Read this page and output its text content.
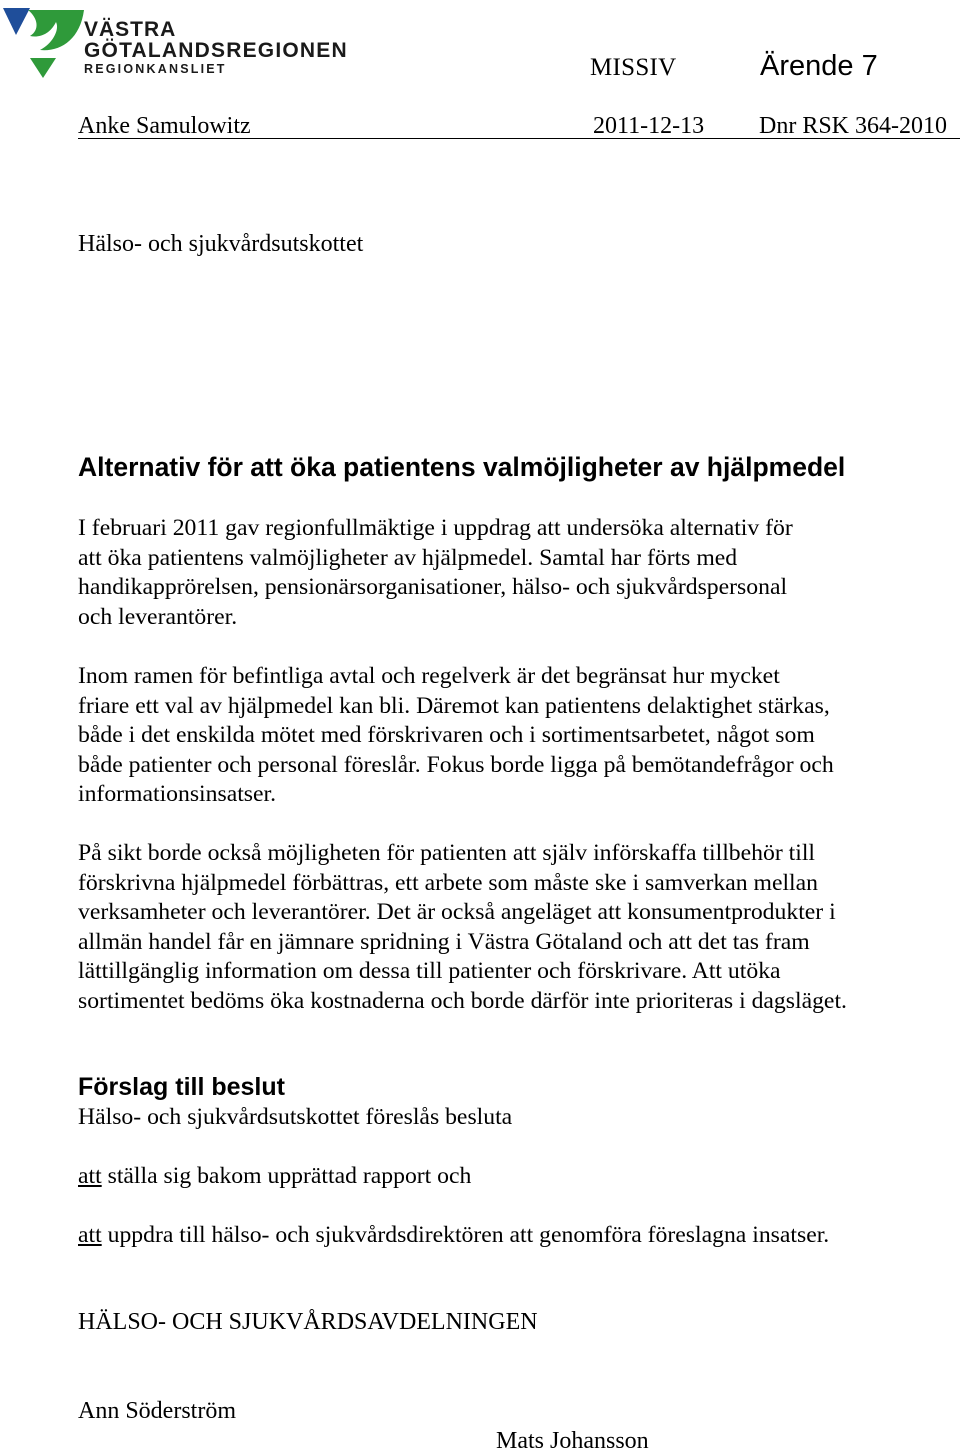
VÄSTRA
GÖTALANDSREGIONEN
REGIONKANSLIET	MISSIV	Ärende 7
Anke Samulowitz	2011-12-13 Dnr RSK 364-2010
Hälso- och sjukvårdsutskottet
Alternativ för att öka patientens valmöjligheter av hjälpmedel
I februari 2011 gav regionfullmäktige i uppdrag att undersöka alternativ för
att öka patientens valmöjligheter av hjälpmedel. Samtal har förts med
handikapprörelsen, pensionärsorganisationer, hälso- och sjukvårdspersonal
och leverantörer.
Inom ramen för befintliga avtal och regelverk är det begränsat hur mycket
friare ett val av hjälpmedel kan bli. Däremot kan patientens delaktighet stärkas,
både i det enskilda mötet med förskrivaren och i sortimentsarbetet, något som
både patienter och personal föreslår. Fokus borde ligga på bemötandefrågor och
informationsinsatser.
På sikt borde också möjligheten för patienten att själv införskaffa tillbehör till
förskrivna hjälpmedel förbättras, ett arbete som måste ske i samverkan mellan
verksamheter och leverantörer. Det är också angeläget att konsumentprodukter i
allmän handel får en jämnare spridning i Västra Götaland och att det tas fram
lättillgänglig information om dessa till patienter och förskrivare. Att utöka
sortimentet bedöms öka kostnaderna och borde därför inte prioriteras i dagsläget.
Förslag till beslut
Hälso- och sjukvårdsutskottet föreslås besluta
att ställa sig bakom upprättad rapport och
att uppdra till hälso- och sjukvårdsdirektören att genomföra föreslagna insatser.
HÄLSO- OCH SJUKVÅRDSAVDELNINGEN
Ann Söderström
Mats Johansson
